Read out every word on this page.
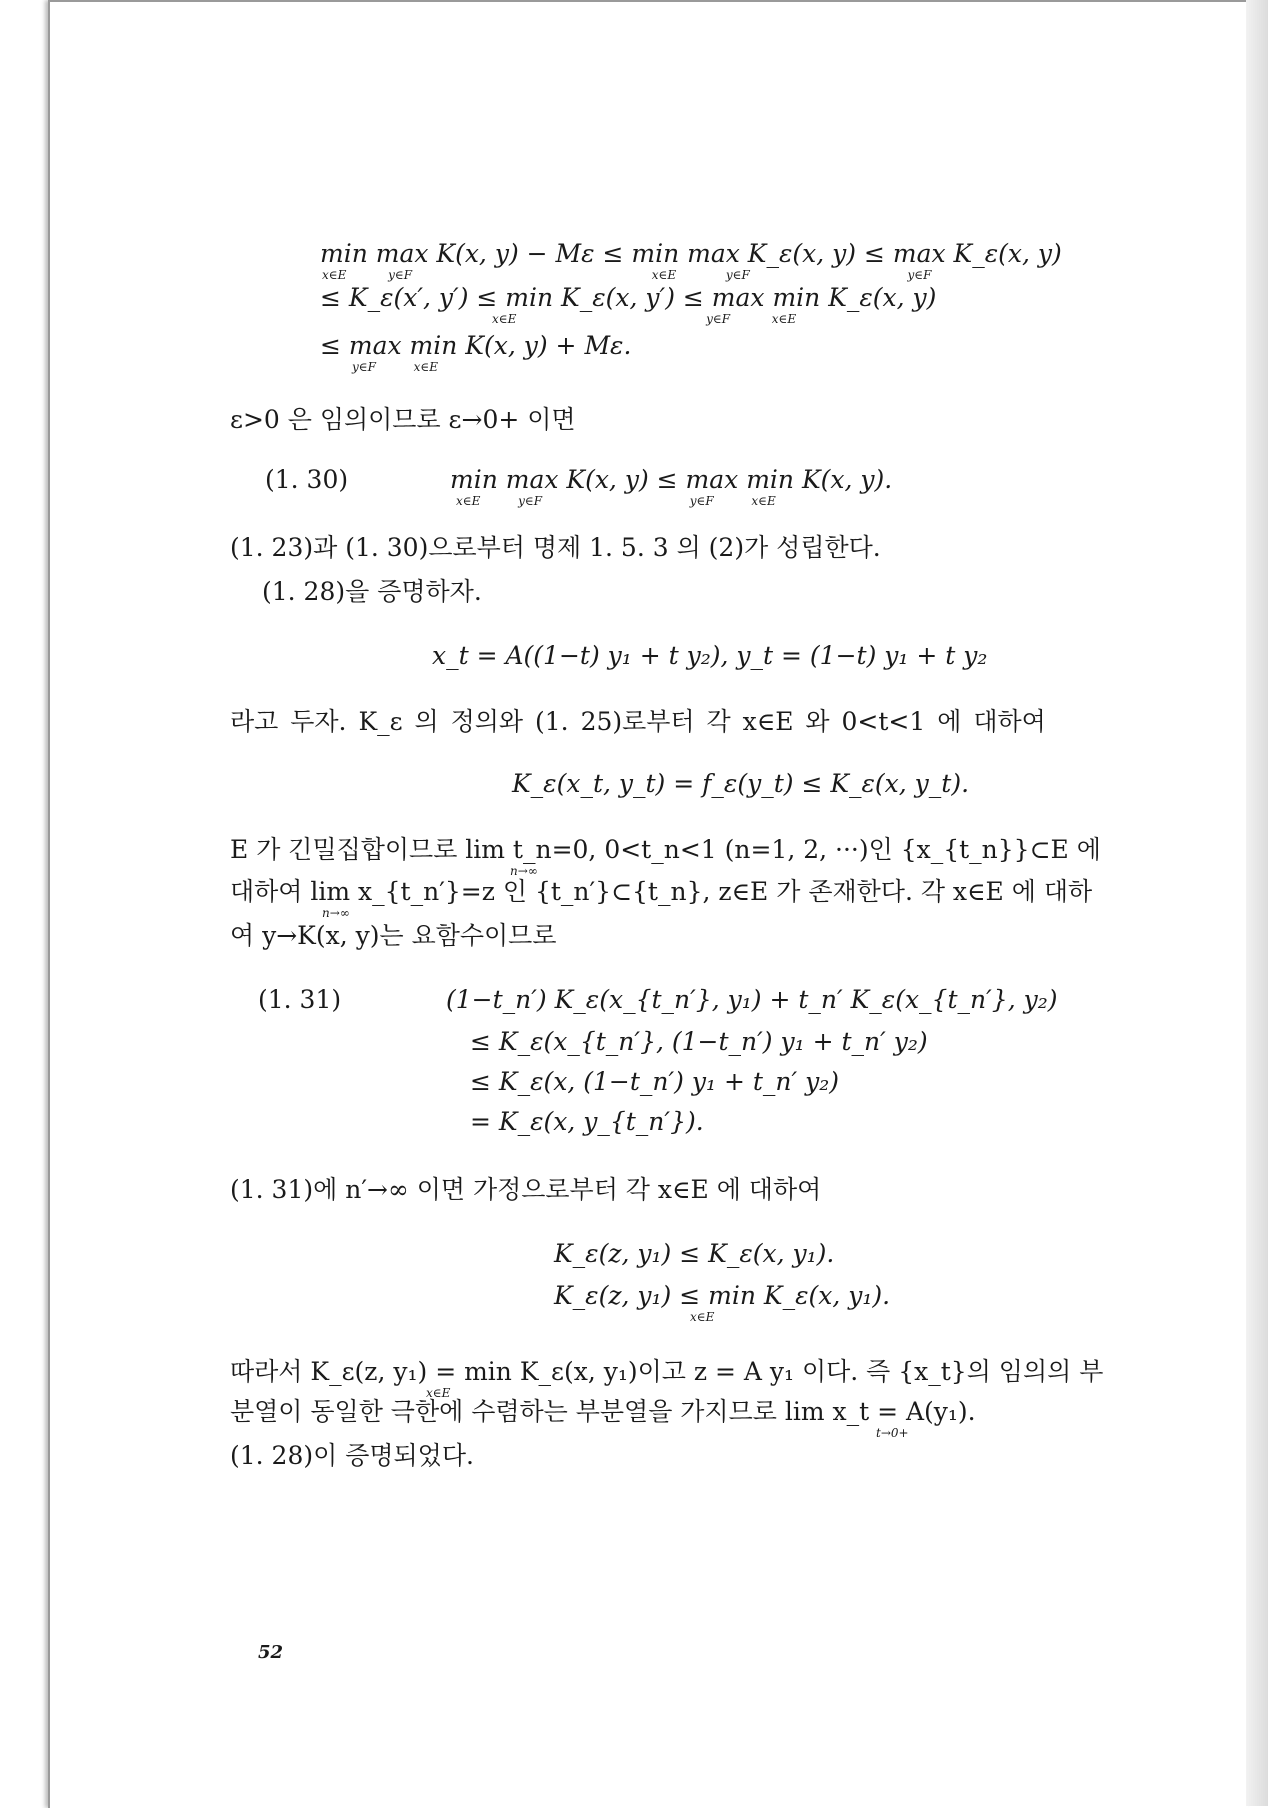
min max K(x, y) − Mε ≤ min max K_ε(x, y) ≤ max K_ε(x, y)
x∈E	y∈F	x∈E	y∈F	y∈F
≤ K_ε(x′, y′) ≤ min K_ε(x, y′) ≤ max min K_ε(x, y)
x∈E	y∈F	x∈E
≤ max min K(x, y) + Mε.
y∈F	x∈E
ε>0 은 임의이므로 ε→0+ 이면
(1. 30)	min max K(x, y) ≤ max min K(x, y).
x∈E	y∈F	y∈F	x∈E
(1. 23)과 (1. 30)으로부터 명제 1. 5. 3 의 (2)가 성립한다.
(1. 28)을 증명하자.
x_t = A((1−t) y₁ + t y₂), y_t = (1−t) y₁ + t y₂
라고 두자. K_ε 의 정의와 (1. 25)로부터 각 x∈E 와 0<t<1 에 대하여
K_ε(x_t, y_t) = f_ε(y_t) ≤ K_ε(x, y_t).
E 가 긴밀집합이므로 lim t_n=0, 0<t_n<1 (n=1, 2, ···)인 {x_{t_n}}⊂E 에
n→∞
대하여 lim x_{t_n′}=z 인 {t_n′}⊂{t_n}, z∈E 가 존재한다. 각 x∈E 에 대하
n→∞
여 y→K(x, y)는 요함수이므로
(1. 31)	(1−t_n′) K_ε(x_{t_n′}, y₁) + t_n′ K_ε(x_{t_n′}, y₂)
≤ K_ε(x_{t_n′}, (1−t_n′) y₁ + t_n′ y₂)
≤ K_ε(x, (1−t_n′) y₁ + t_n′ y₂)
= K_ε(x, y_{t_n′}).
(1. 31)에 n′→∞ 이면 가정으로부터 각 x∈E 에 대하여
K_ε(z, y₁) ≤ K_ε(x, y₁).
K_ε(z, y₁) ≤ min K_ε(x, y₁).
x∈E
따라서 K_ε(z, y₁) = min K_ε(x, y₁)이고 z = A y₁ 이다. 즉 {x_t}의 임의의 부
x∈E
분열이 동일한 극한에 수렴하는 부분열을 가지므로 lim x_t = A(y₁).
t→0+
(1. 28)이 증명되었다.
52
